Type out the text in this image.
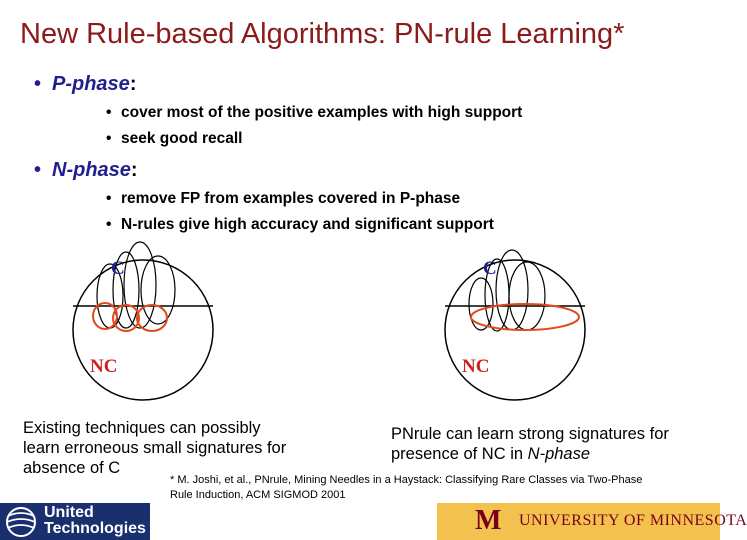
New Rule-based Algorithms: PN-rule Learning*
• P-phase:
• cover most of the positive examples with high support
• seek good recall
• N-phase:
• remove FP from examples covered in P-phase
• N-rules give high accuracy and significant support
C
NC
C
NC
Existing techniques can possibly
learn erroneous small signatures for
absence of C
PNrule can learn strong signatures for
presence of NC in N-phase
* M. Joshi, et al., PNrule, Mining Needles in a Haystack: Classifying Rare Classes via Two-Phase
Rule Induction, ACM SIGMOD 2001
United
Technologies	M UNIVERSITY OF MINNESOTA
